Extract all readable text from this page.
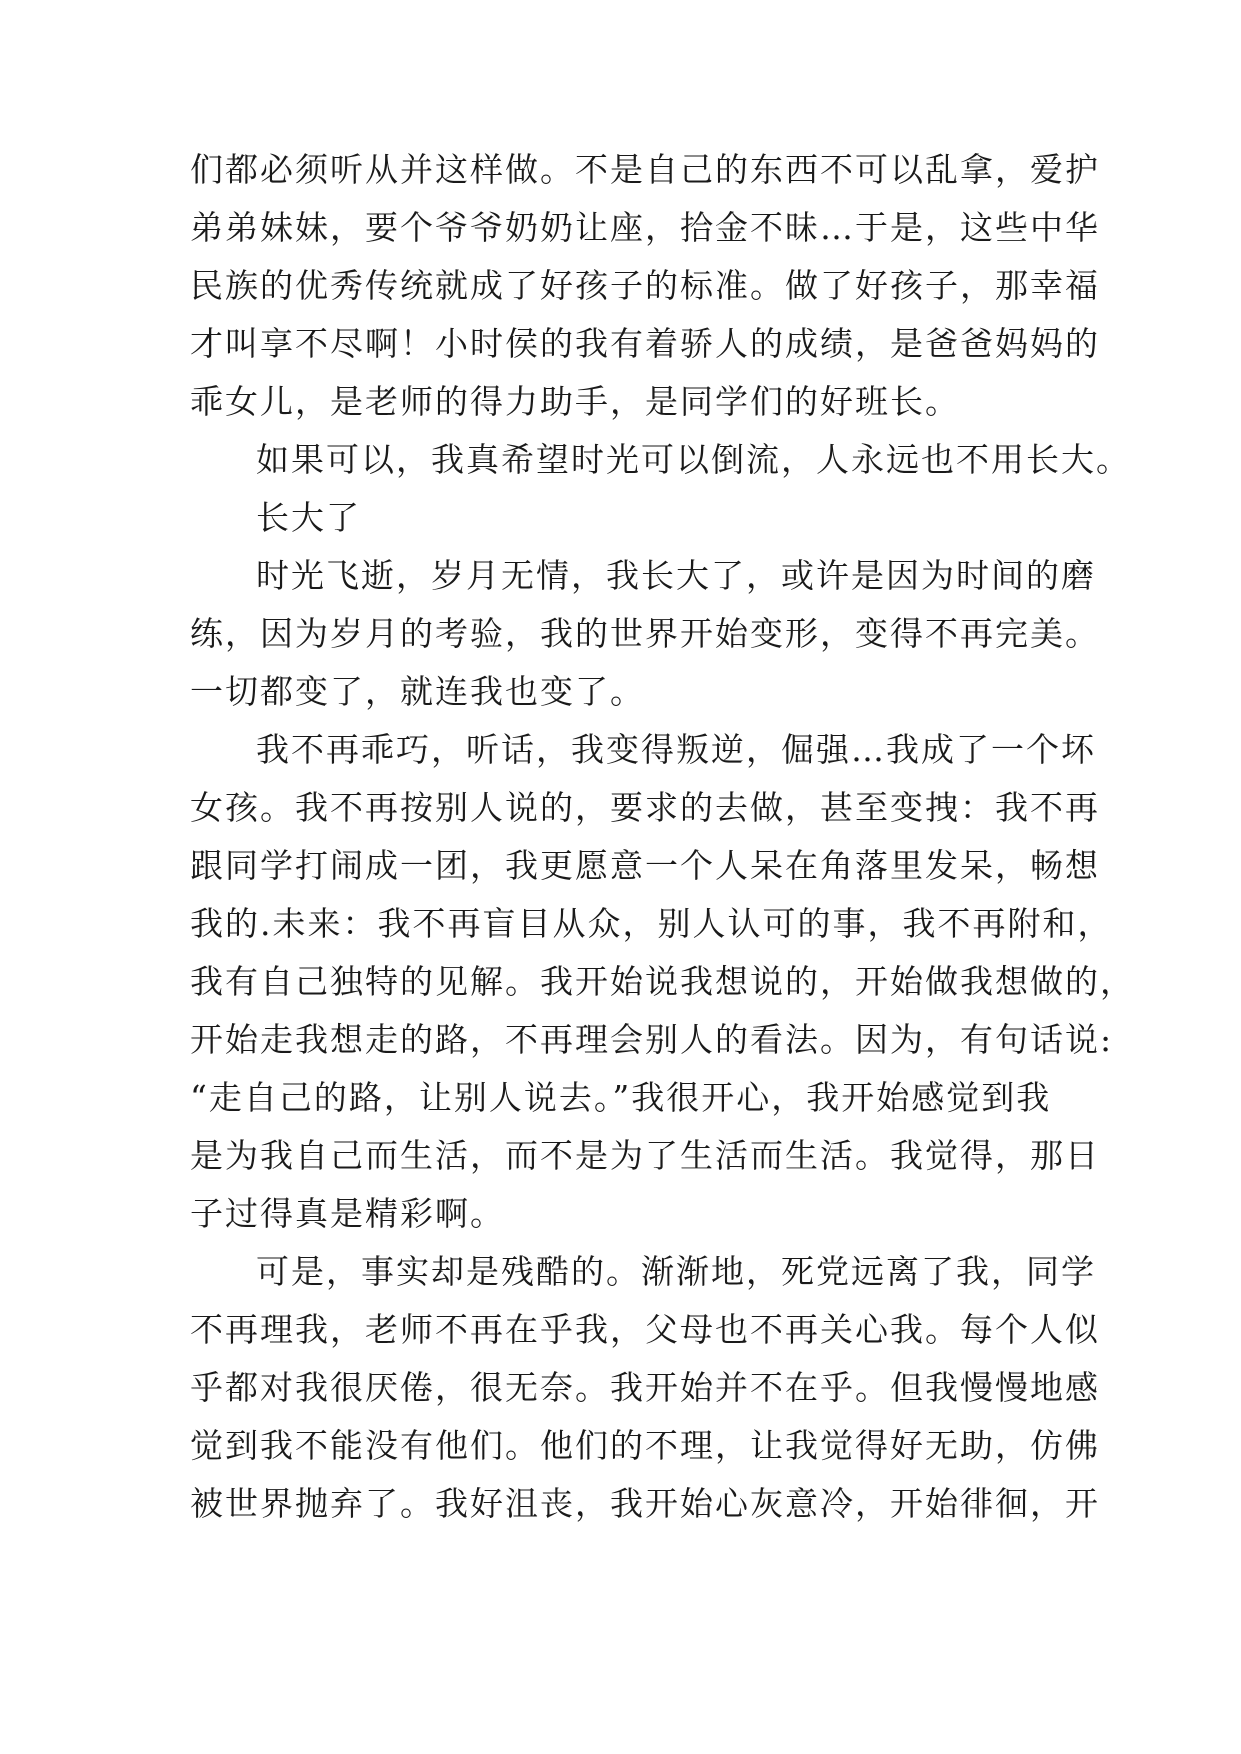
们都必须听从并这样做。不是自己的东西不可以乱拿，爱护
弟弟妹妹，要个爷爷奶奶让座，拾金不昧…于是，这些中华
民族的优秀传统就成了好孩子的标准。做了好孩子，那幸福
才叫享不尽啊！小时侯的我有着骄人的成绩，是爸爸妈妈的
乖女儿，是老师的得力助手，是同学们的好班长。
如果可以，我真希望时光可以倒流，人永远也不用长大。
长大了
时光飞逝，岁月无情，我长大了，或许是因为时间的磨
练，因为岁月的考验，我的世界开始变形，变得不再完美。
一切都变了，就连我也变了。
我不再乖巧，听话，我变得叛逆，倔强…我成了一个坏
女孩。我不再按别人说的，要求的去做，甚至变拽：我不再
跟同学打闹成一团，我更愿意一个人呆在角落里发呆，畅想
我的.未来：我不再盲目从众，别人认可的事，我不再附和，
我有自己独特的见解。我开始说我想说的，开始做我想做的，
开始走我想走的路，不再理会别人的看法。因为，有句话说:
“走自己的路，让别人说去。”我很开心，我开始感觉到我
是为我自己而生活，而不是为了生活而生活。我觉得，那日
子过得真是精彩啊。
可是，事实却是残酷的。渐渐地，死党远离了我，同学
不再理我，老师不再在乎我，父母也不再关心我。每个人似
乎都对我很厌倦，很无奈。我开始并不在乎。但我慢慢地感
觉到我不能没有他们。他们的不理，让我觉得好无助，仿佛
被世界抛弃了。我好沮丧，我开始心灰意冷，开始徘徊，开
